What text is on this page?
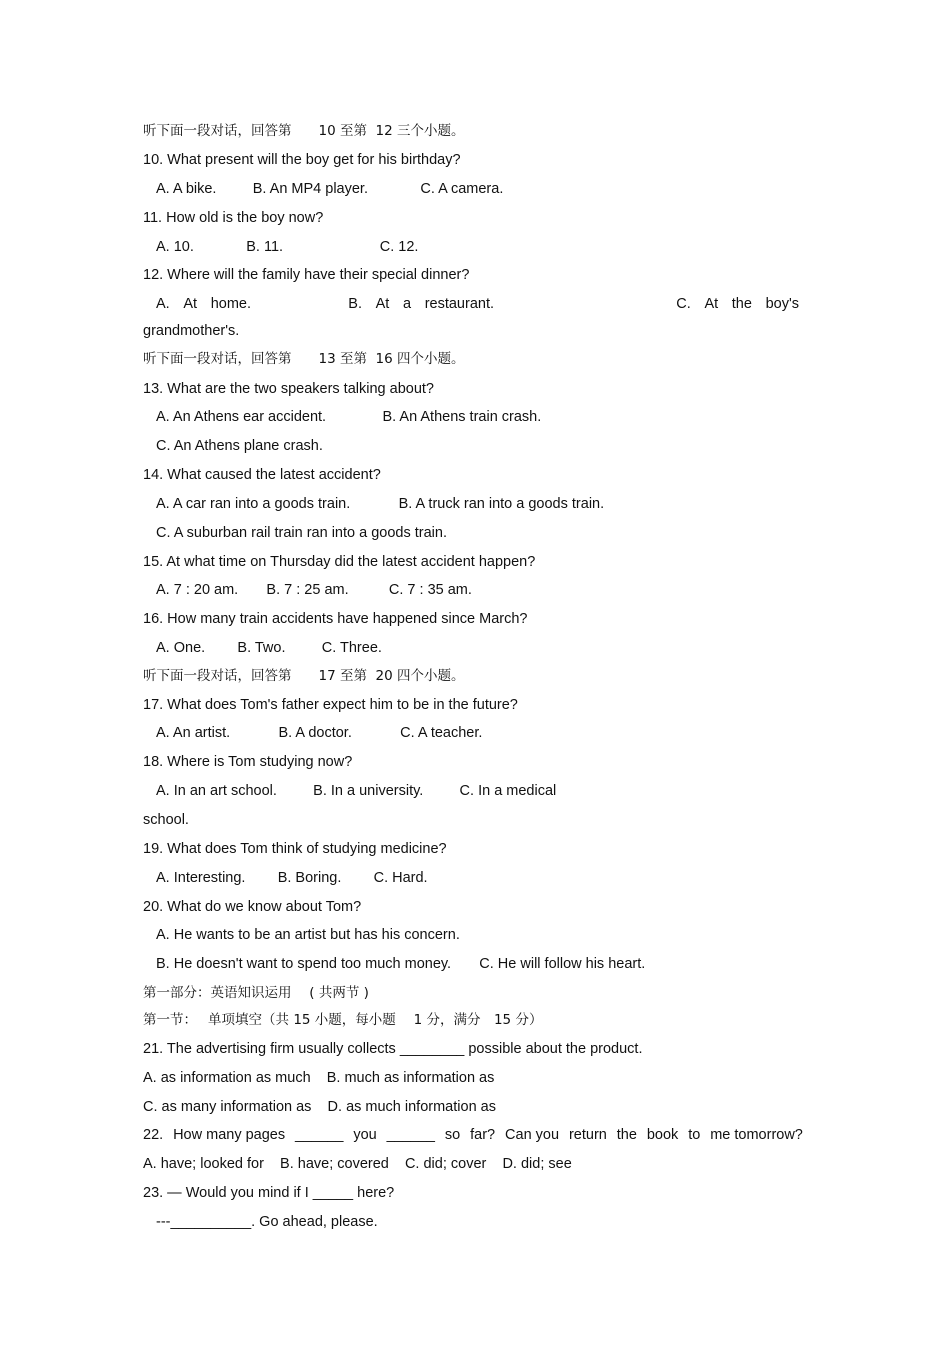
听下面一段对话，回答第　　10 至第  12 三个小题。
10. What present will the boy get for his birthday?
A. A bike.         B. An MP4 player.             C. A camera.
11. How old is the boy now?
A. 10.             B. 11.                        C. 12.
12. Where will the family have their special dinner?
A. At home.	B. At a restaurant.	C. At the boy's
grandmother's.
听下面一段对话，回答第　　13 至第  16 四个小题。
13. What are the two speakers talking about?
A. An Athens ear accident.              B. An Athens train crash.
C. An Athens plane crash.
14. What caused the latest accident?
A. A car ran into a goods train.            B. A truck ran into a goods train.
C. A suburban rail train ran into a goods train.
15. At what time on Thursday did the latest accident happen?
A. 7 : 20 am.       B. 7 : 25 am.          C. 7 : 35 am.
16. How many train accidents have happened since March?
A. One.        B. Two.         C. Three.
听下面一段对话，回答第　　17 至第  20 四个小题。
17. What does Tom's father expect him to be in the future?
A. An artist.            B. A doctor.            C. A teacher.
18. Where is Tom studying now?
A. In an art school.         B. In a university.         C. In a medical
school.
19. What does Tom think of studying medicine?
A. Interesting.        B. Boring.        C. Hard.
20. What do we know about Tom?
A. He wants to be an artist but has his concern.
B. He doesn't want to spend too much money.       C. He will follow his heart.
第一部分：英语知识运用　 ( 共两节 )
第一节：　 单项填空（共 15 小题，每小题　 1 分，满分　15 分）
21. The advertising firm usually collects ________ possible about the product.
A. as information as much    B. much as information as
C. as many information as    D. as much information as
22. How many pages ______ you ______ so far? Can you return the book to me tomorrow?
A. have; looked for    B. have; covered    C. did; cover    D. did; see
23. — Would you mind if I _____ here?
---__________. Go ahead, please.
